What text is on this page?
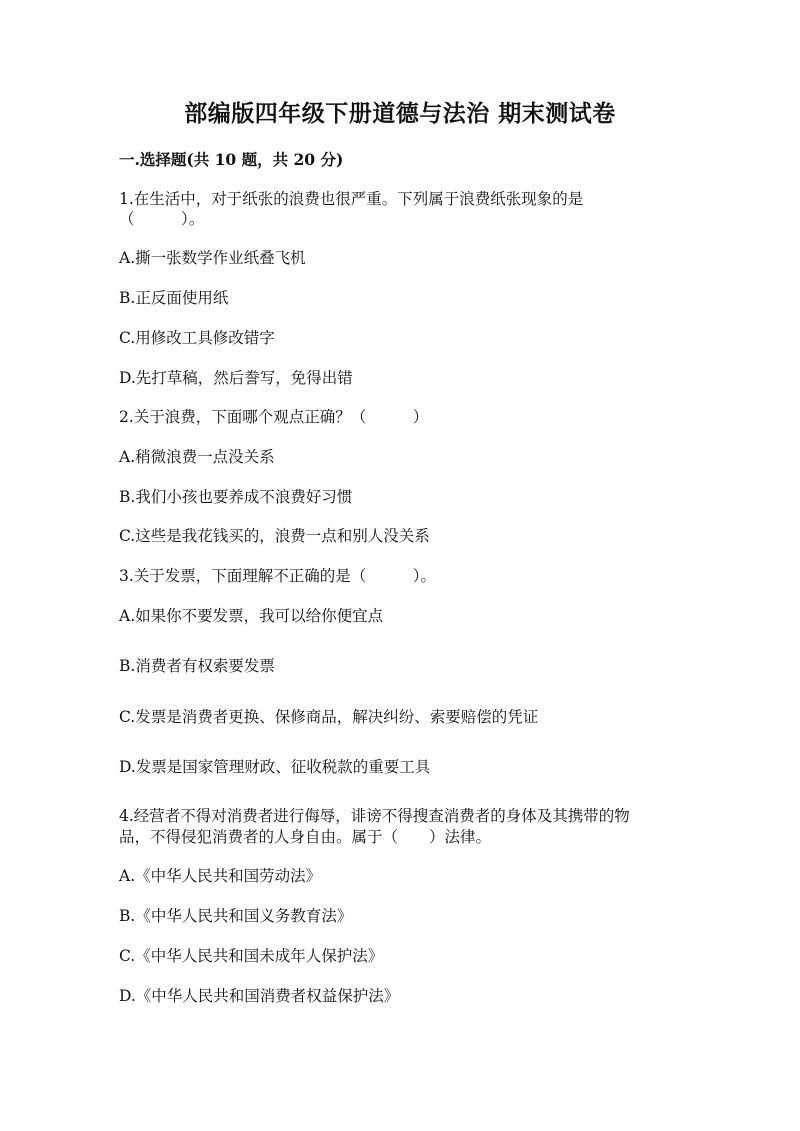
部编版四年级下册道德与法治 期末测试卷
一.选择题(共 10 题，共 20 分)
1.在生活中，对于纸张的浪费也很严重。下列属于浪费纸张现象的是
（　　　）。
A.撕一张数学作业纸叠飞机
B.正反面使用纸
C.用修改工具修改错字
D.先打草稿，然后誊写，免得出错
2.关于浪费，下面哪个观点正确？（　　　）
A.稍微浪费一点没关系
B.我们小孩也要养成不浪费好习惯
C.这些是我花钱买的，浪费一点和别人没关系
3.关于发票，下面理解不正确的是（　　　）。
A.如果你不要发票，我可以给你便宜点
B.消费者有权索要发票
C.发票是消费者更换、保修商品，解决纠纷、索要赔偿的凭证
D.发票是国家管理财政、征收税款的重要工具
4.经营者不得对消费者进行侮辱，诽谤不得搜查消费者的身体及其携带的物
品，不得侵犯消费者的人身自由。属于（　　）法律。
A.《中华人民共和国劳动法》
B.《中华人民共和国义务教育法》
C.《中华人民共和国未成年人保护法》
D.《中华人民共和国消费者权益保护法》
